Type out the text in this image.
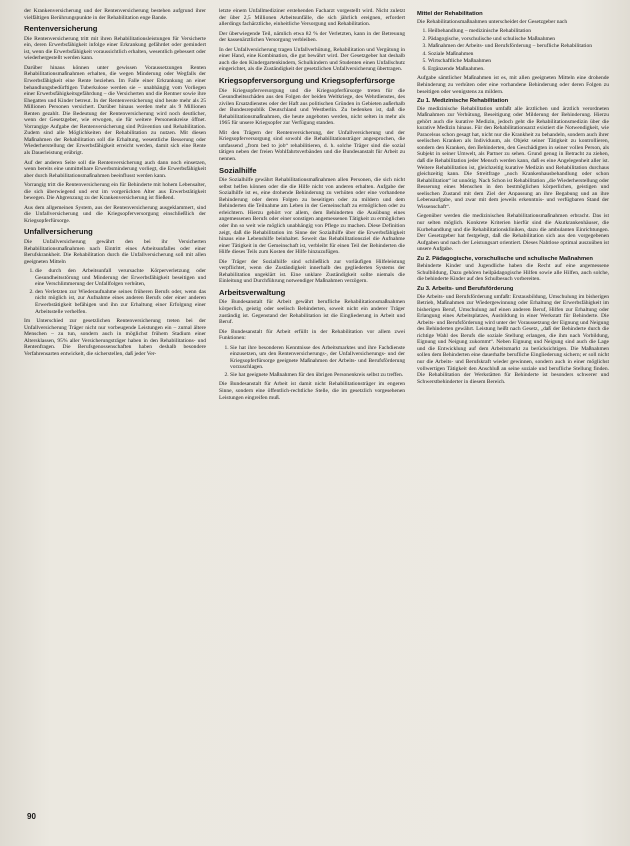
der Krankenversicherung und der Rentenversicherung bestehen aufgrund ihrer vielfältigen Berührungspunkte in der Rehabilitation enge Bande.

Rentenversicherung

Die Rentenversicherung tritt mit ihren Rehabilitationsleistungen für Versicherte ein, deren Erwerbsfähigkeit infolge einer Erkrankung gefährdet oder gemindert ist, wenn die Erwerbsfähigkeit voraussichtlich erhalten, wesentlich gebessert oder wiederhergestellt werden kann.

Darüber hinaus können unter gewissen Voraussetzungen Renten Rehabilitationsmaßnahmen erhalten, die wegen Minderung oder Wegfalls der Erwerbsfähigkeit eine Rente beziehen. Im Falle einer Erkrankung an einer behandlungsbedürftigen Tuberkulose werden sie – unabhängig vom Vorliegen einer Erwerbsfähigkeitsgefährdung – die Versicherten und die Rentner sowie ihre Ehegatten und Kinder betreut. In der Rentenversicherung sind heute mehr als 25 Millionen Personen versichert. Darüber hinaus werden mehr als 9 Millionen Renten gezahlt. Die Bedeutung der Rentenversicherung wird noch deutlicher, wenn der Gesetzgeber, wie erwogen, sie für weitere Personenkreise öffnet. Vorrangige Aufgabe der Rentenversicherung sind Prävention und Rehabilitation. Zudem sind alle Möglichkeiten der Rehabilitation zu nutzen. Mit diesen Maßnahmen der Rehabilitation soll die Erhaltung, wesentliche Besserung oder Wiederherstellung der Erwerbsfähigkeit erreicht werden, damit sich eine Rente als Dauerleistung erübrigt.

Auf der anderen Seite soll die Rentenversicherung auch dann noch einsetzen, wenn bereits eine unmittelbare Erwerbsminderung vorliegt, die Erwerbsfähigkeit aber durch Rehabilitationsmaßnahmen beeinflusst werden kann.

Vorrangig tritt die Rentenversicherung ein für Behinderte mit hohem Lebensalter, die sich überwiegend und erst im vorgerückten Alter aus Erwerbstätigkeit bewegen. Die Abgrenzung zu der Krankenversicherung ist fließend.

Aus dem allgemeinen System, aus der Rentenversicherung ausgeklammert, sind die Unfallversicherung und die Kriegsopferversorgung einschließlich der Kriegsopferfürsorge.

Unfallversicherung

Die Unfallversicherung gewährt den bei ihr Versicherten Rehabilitationsmaßnahmen nach Eintritt eines Arbeitsunfalles oder einer Berufskrankheit. Die Rehabilitation durch die Unfallversicherung soll mit allen geeigneten Mitteln

1. die durch den Arbeitsunfall verursachte Körperverletzung oder Gesundheitsstörung und Minderung der Erwerbsfähigkeit beseitigen und eine Verschlimmerung der Unfallfolgen verhüten,
2. den Verletzten zur Wiederaufnahme seines früheren Berufs oder, wenn das nicht möglich ist, zur Aufnahme eines anderen Berufs oder einer anderen Erwerbstätigkeit befähigen und ihn zur Erhaltung einer Erfolgung einer Arbeitsstelle verhelfen.

Im Unterschied zur gesetzlichen Rentenversicherung treten bei der Unfallversicherung Träger nicht nur vorbeugende Leistungen ein – zumal ältere Menschen – zu tun, sondern auch in möglichst frühem Stadium einer Altersklassen, 95% aller Versicherungsträger haben in den Rehabilitations- und Rentenfragen. Die Berufsgenossenschaften haben deshalb besondere Verfahrensarten entwickelt, die sicherstellen, daß jeder Ver-

letzte einem Unfallmediziner erstehenden Facharzt vorgestellt wird. Nicht zuletzt der über 2,5 Millionen Arbeitsunfälle, die sich jährlich ereignen, erfordert allerdings fachärztliche, einheitliche Versorgung und Rehabilitation.

Der überwiegende Teil, nämlich etwa 82 % der Verletzten, kann in der Betreuung der kassenärztlichen Versorgung verbleiben.

In der Unfallversicherung tragen Unfallverhütung, Rehabilitation und Vergütung in einer Hand, eine Kombination, die gut bewährt wird. Der Gesetzgeber hat deshalb auch die den Kindergartenkindern, Schulkindern und Studenten einen Unfallschutz eingerichtet, als die Zuständigkeit der gesetzlichen Unfallversicherung übertragen.

Kriegsopferversorgung und Kriegsopferfürsorge

Die Kriegsopferversorgung und die Kriegsopferfürsorge treten für die Gesundheitsschäden aus den Folgen der beiden Weltkriege, des Wehrdienstes, des zivilen Ersatzdienstes oder der Haft aus politischen Gründen in Gebieten außerhalb der Bundesrepublik Deutschland und Westberlin. Zu bedenken ist, daß die Rehabilitationsmaßnahmen, die heute angeboten werden, nicht selten in mehr als 1965 für unsere Kriegsopfer zur Verfügung standen.

Mit den Trägern der Rentenversicherung, der Unfallversicherung und der Kriegsopferversorgung sind sowohl die Rehabilitationsträger angesprochen, die umfassend „from bed to job“ rehabilitieren, d. h. solche Träger sind die sozial tätigen neben der freien Wohlfahrtsverbänden und die Bundesanstalt für Arbeit zu nennen.

Sozialhilfe

Die Sozialhilfe gewährt Rehabilitationsmaßnahmen allen Personen, die sich nicht selbst helfen können oder die die Hilfe nicht von anderen erhalten. Aufgabe der Sozialhilfe ist es, eine drohende Behinderung zu verhüten oder eine vorhandene Behinderung oder deren Folgen zu beseitigen oder zu mildern und dem Behinderten die Teilnahme am Leben in der Gemeinschaft zu ermöglichen oder zu erleichtern. Hierzu gehört vor allem, dem Behinderten die Ausübung eines angemessenen Berufs oder einer sonstigen angemessenen Tätigkeit zu ermöglichen oder ihn so weit wie möglich unabhängig von Pflege zu machen. Diese Definition zeigt, daß die Rehabilitation im Sinne der Sozialhilfe über die Erwerbsfähigkeit hinaus eine Lebenshilfe beinhaltet. Soweit das Rehabilitationsziel die Aufnahme einer Tätigkeit in der Gemeinschaft ist, verbleibt für einen Teil der Behinderten die Hilfe dieses Teils zum Kosten der Hilfe hinzuzufügen.

Die Träger der Sozialhilfe sind schließlich zur vorläufigen Hilfeleistung verpflichtet, wenn die Zuständigkeit innerhalb des gegliederten Systems der Rehabilitation ungeklärt ist. Eine unklare Zuständigkeit sollte niemals die Einleitung und Durchführung notwendiger Maßnahmen verzögern.

Arbeitsverwaltung

Die Bundesanstalt für Arbeit gewährt berufliche Rehabilitationsmaßnahmen körperlich, geistig oder seelisch Behinderten, soweit nicht ein anderer Träger zuständig ist. Gegenstand der Rehabilitation ist die Eingliederung in Arbeit und Beruf.

Die Bundesanstalt für Arbeit erfüllt in der Rehabilitation vor allem zwei Funktionen:

1. Sie hat ihre besonderen Kenntnisse des Arbeitsmarktes und ihre Fachdienste einzusetzen, um den Rentenversicherungs-, der Unfallversicherungs- und der Kriegsopferfürsorge geeignete Maßnahmen der Arbeits- und Berufsförderung vorzuschlagen.
2. Sie hat geeignete Maßnahmen für den übrigen Personenkreis selbst zu treffen.

Die Bundesanstalt für Arbeit ist damit nicht Rehabilitationsträger im engeren Sinne, sondern eine öffentlich-rechtliche Stelle, die im gesetzlich vorgesehenen Leistungen eingreifen muß.

Mittel der Rehabilitation

Die Rehabilitationsmaßnahmen unterscheidet der Gesetzgeber nach

1. Heilbehandlung – medizinische Rehabilitation
2. Pädagogische, vorschulische und schulische Maßnahmen
3. Maßnahmen der Arbeits- und Berufsförderung – berufliche Rehabilitation
4. Soziale Maßnahmen
5. Wirtschaftliche Maßnahmen
6. Ergänzende Maßnahmen.

Aufgabe sämtlicher Maßnahmen ist es, mit allen geeigneten Mitteln eine drohende Behinderung zu verhüten oder eine vorhandene Behinderung oder deren Folgen zu beseitigen oder wenigstens zu mildern.

Zu 1. Medizinische Rehabilitation

Die medizinische Rehabilitation umfaßt alle ärztlichen und ärztlich verordneten Maßnahmen zur Verhütung, Beseitigung oder Milderung der Behinderung. Hierzu gehört auch die kurative Medizin, jedoch geht die Rehabilitationsmedizin über die kurative Medizin hinaus. Für den Rehabilitationsarzt existiert die Notwendigkeit, wie Paracelsus schon gesagt hat, nicht nur die Krankheit zu behandeln, sondern auch ihrer seelischen Kranken als Individuum, als Objekt seiner Tätigkeit zu kontrollieren, sondern den Kranken, den Behinderten, den Geschädigten in seiner vollen Person, als Subjekt in seiner Umwelt, als Partner zu sehen. Grund genug in Betracht zu ziehen, daß die Rehabilitation jeder Mensch werden kann, daß es eine Angelegenheit aller ist. Weitere Rehabilitation ist, gleichzeitig kurative Medizin und Rehabilitation durchaus gleichzeitig kann. Die Streitfrage „noch Krankenhausbehandlung oder schon Rehabilitation“ ist unnötig. Nach Schon ist Rehabilitation „die Wiederherstellung oder Besserung eines Menschen in den bestmöglichen körperlichen, geistigen und seelischen Zustand mit dem Ziel der Anpassung an ihre Begabung und an ihre Lebensaufgabe, und zwar mit dem jeweils erkenntnis- und verfügbaren Stand der Wissenschaft“.

Gegenüber werden die medizinischen Rehabilitationsmaßnahmen erbracht. Das ist nur selten möglich. Konkrete Kriterien hierfür sind die Akutkrankenhäuser, die Kurbehandlung und die Rehabilitationskliniken, dazu die ambulanten Einrichtungen. Der Gesetzgeber hat festgelegt, daß die Rehabilitation sich aus den vorgegebenen Aufgaben und nach der Leistungsart orientiert. Dieses Nahtlose optimal auszuüben ist unsere Aufgabe.

Zu 2. Pädagogische, vorschulische und schulische Maßnahmen

Behinderte Kinder und Jugendliche haben die Recht auf eine angemessene Schulbildung, Dazu gehören heilpädagogische Hilfen sowie alle Hilfen, auch solche, die behinderte Kinder auf den Schulbesuch vorbereiten.

Zu 3. Arbeits- und Berufsförderung

Die Arbeits- und Berufsförderung umfaßt: Erstausbildung, Umschulung im bisherigen Betrieb, Maßnahmen zur Wiedergewinnung oder Erhaltung der Erwerbsfähigkeit im bisherigen Beruf, Umschulung auf einen anderen Beruf, Hilfen zur Erhaltung oder Erlangung eines Arbeitsplatzes, Ausbildung in einer Werkstatt für Behinderte. Die Arbeits- und Berufsförderung wird unter der Voraussetzung der Eignung und Neigung des Behinderten gewährt. Leistung heißt nach Gesetz, „daß der Behinderte durch die richtige Wahl des Berufs die soziale Stellung erlangen, die ihm nach Vorbildung, Eignung und Neigung zukommt“. Neben Eignung und Neigung sind auch die Lage und die Entwicklung auf dem Arbeitsmarkt zu berücksichtigen. Die Maßnahmen sollen dem Behinderten eine dauerhafte berufliche Eingliederung sichern; er soll nicht nur die Arbeits- und Berufskraft wieder gewinnen, sondern auch in einer möglichst vollwertigen Tätigkeit den Anschluß an seine soziale und berufliche Stellung finden. Die Rehabilitation der Werkstätten für Behinderte ist besonders schwerer und Schwerstbehinderter in diesem Bereich.

90
